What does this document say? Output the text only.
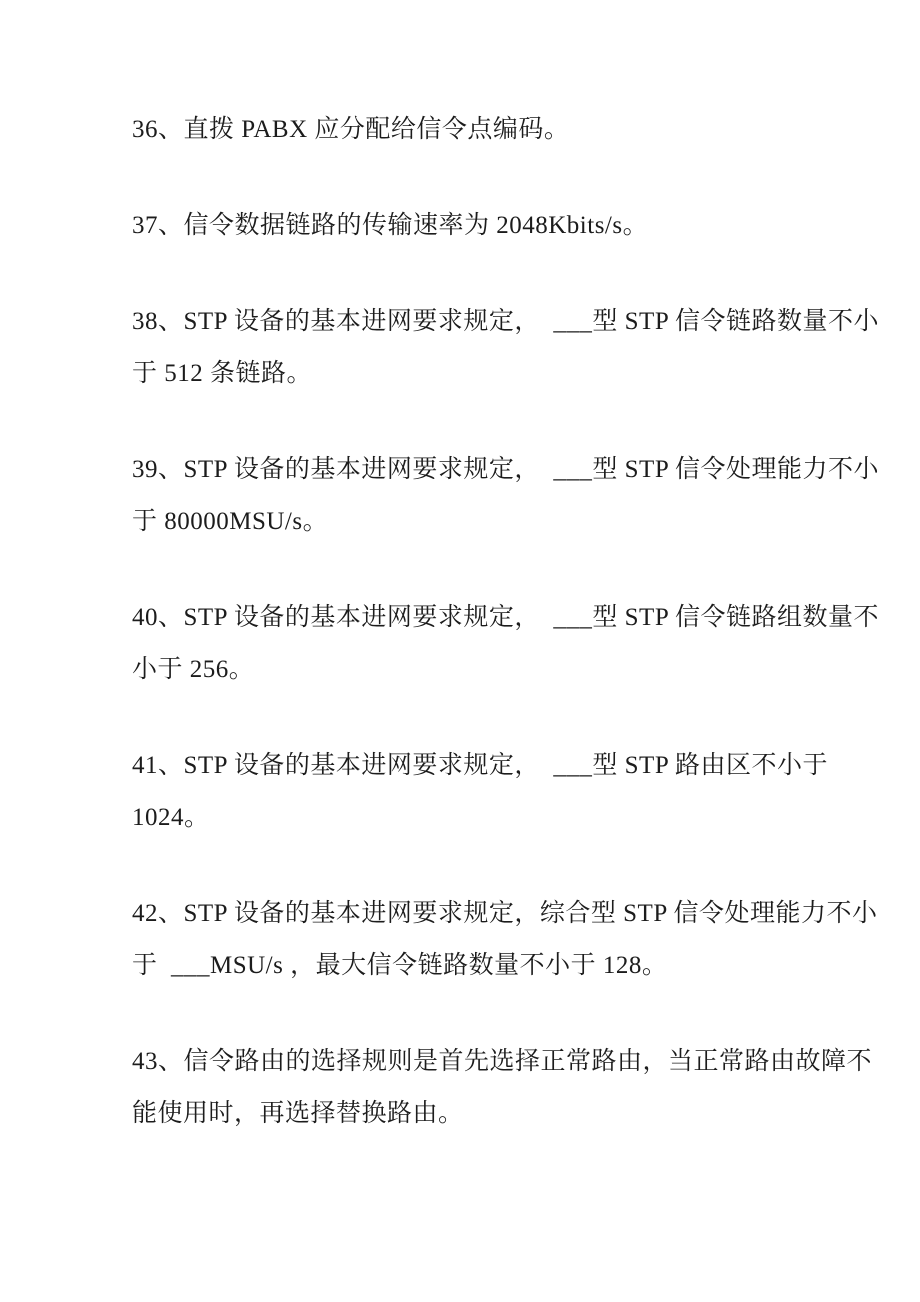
36、直拨 PABX 应分配给信令点编码。
37、信令数据链路的传输速率为 2048Kbits/s。
38、STP 设备的基本进网要求规定，  ___型 STP 信令链路数量不小
于 512 条链路。
39、STP 设备的基本进网要求规定，  ___型 STP 信令处理能力不小
于 80000MSU/s。
40、STP 设备的基本进网要求规定，  ___型 STP 信令链路组数量不
小于 256。
41、STP 设备的基本进网要求规定，  ___型 STP 路由区不小于
1024。
42、STP 设备的基本进网要求规定，综合型 STP 信令处理能力不小
于  ___MSU/s ，最大信令链路数量不小于 128。
43、信令路由的选择规则是首先选择正常路由，当正常路由故障不
能使用时，再选择替换路由。
